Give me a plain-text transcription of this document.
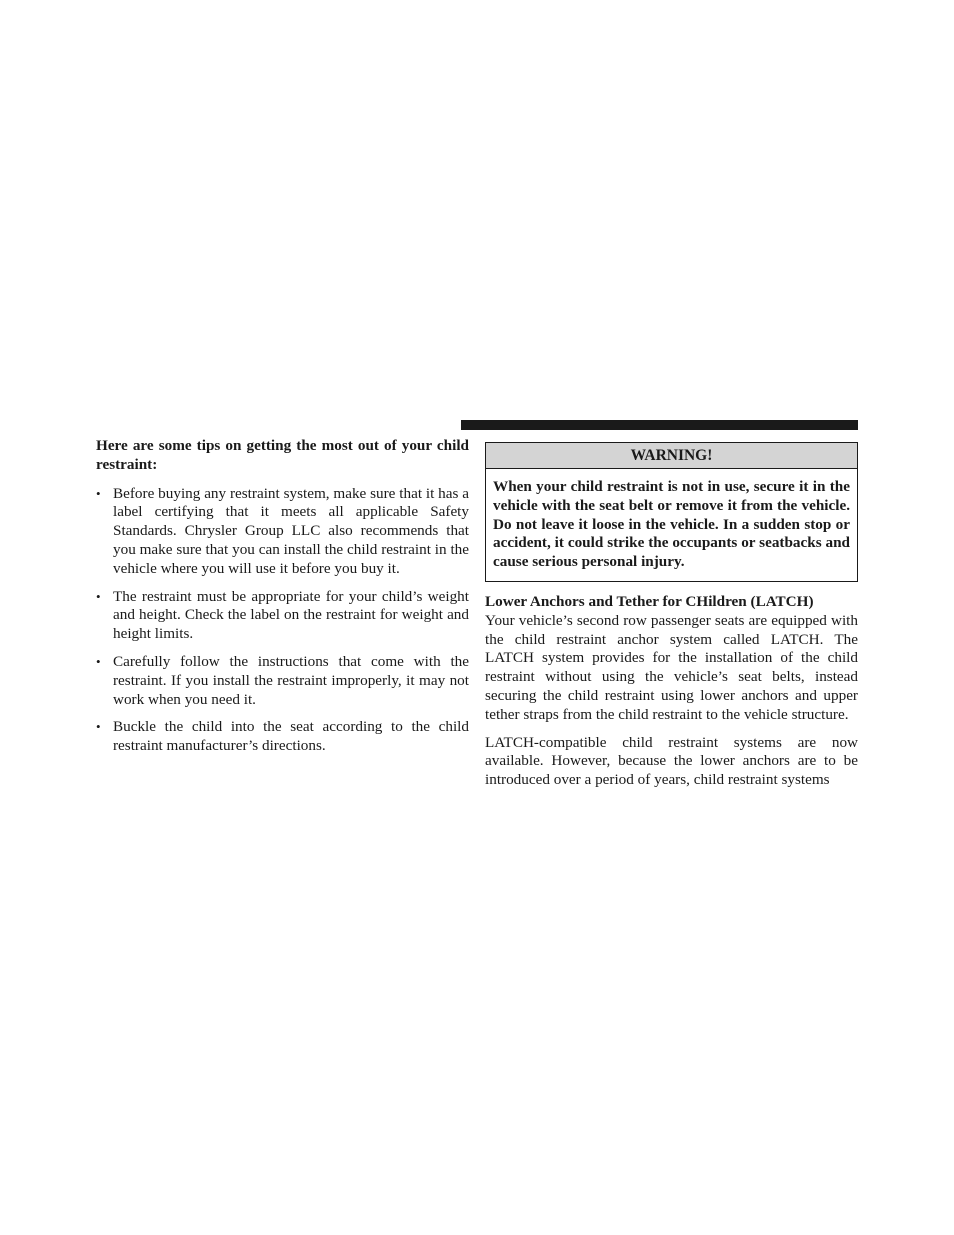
Here are some tips on getting the most out of your child restraint:

• Before buying any restraint system, make sure that it has a label certifying that it meets all applicable Safety Standards. Chrysler Group LLC also recommends that you make sure that you can install the child restraint in the vehicle where you will use it before you buy it.
• The restraint must be appropriate for your child’s weight and height. Check the label on the restraint for weight and height limits.
• Carefully follow the instructions that come with the restraint. If you install the restraint improperly, it may not work when you need it.
• Buckle the child into the seat according to the child restraint manufacturer’s directions.
WARNING!
When your child restraint is not in use, secure it in the vehicle with the seat belt or remove it from the vehicle. Do not leave it loose in the vehicle. In a sudden stop or accident, it could strike the occupants or seatbacks and cause serious personal injury.
Lower Anchors and Tether for CHildren (LATCH)

Your vehicle’s second row passenger seats are equipped with the child restraint anchor system called LATCH. The LATCH system provides for the installation of the child restraint without using the vehicle’s seat belts, instead securing the child restraint using lower anchors and upper tether straps from the child restraint to the vehicle structure.

LATCH-compatible child restraint systems are now available. However, because the lower anchors are to be introduced over a period of years, child restraint systems
